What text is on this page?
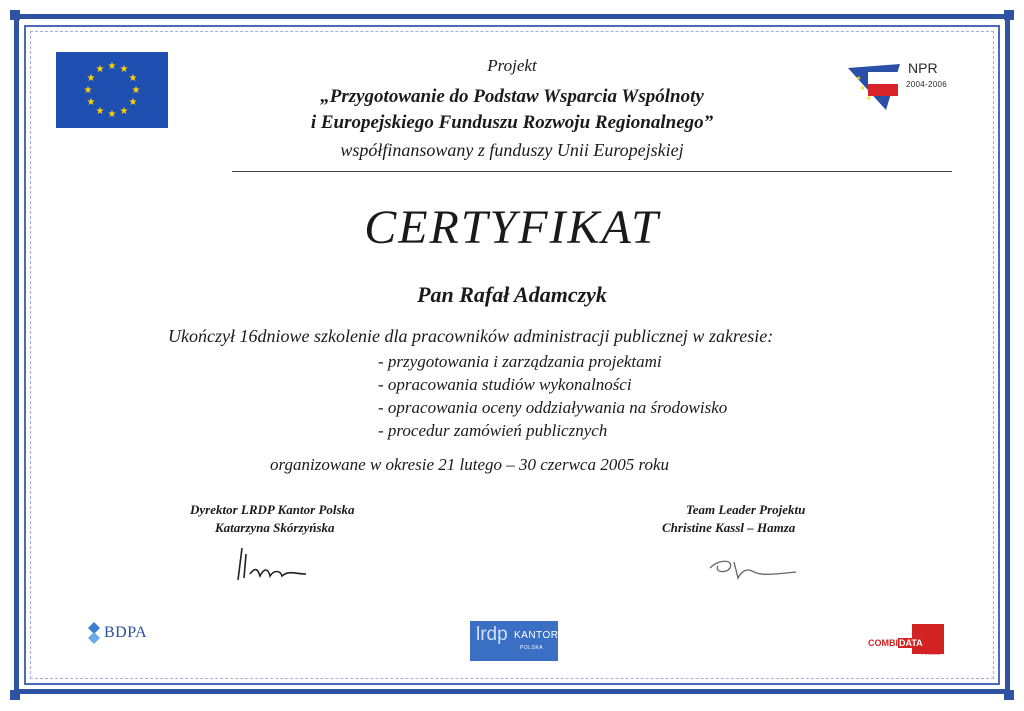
★ ★
★
★
★
★
★
★
★
★
★
★
★
★
★
NPR
2004-2006
Projekt
„Przygotowanie do Podstaw Wsparcia Wspólnoty
i Europejskiego Funduszu Rozwoju Regionalnego”
współfinansowany z funduszy Unii Europejskiej
CERTYFIKAT
Pan Rafał Adamczyk
Ukończył 16dniowe szkolenie dla pracowników administracji publicznej w zakresie:
- przygotowania i zarządzania projektami
- opracowania studiów wykonalności
- opracowania oceny oddziaływania na środowisko
- procedur zamówień publicznych
organizowane w okresie 21 lutego – 30 czerwca 2005 roku
Dyrektor LRDP Kantor Polska
Katarzyna Skórzyńska
Team Leader Projektu
Christine Kassl – Hamza
BDPA	lrdp KANTOR
POLSKA	COMBIDATA
PROKOM
